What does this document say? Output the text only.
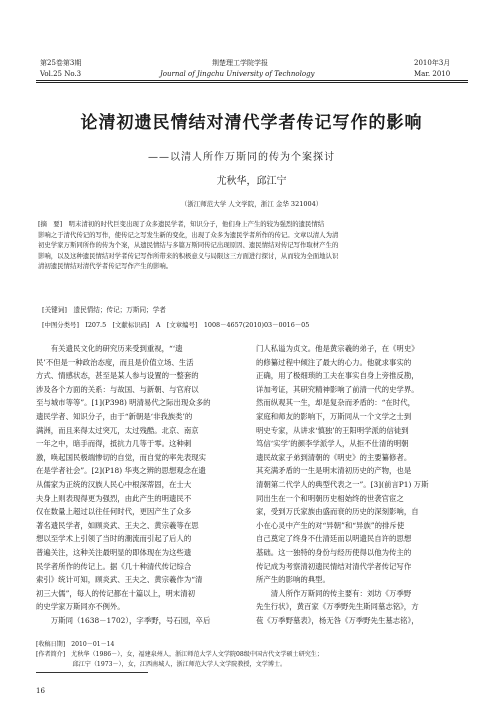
第25卷第3期
Vol.25 No.3
荆楚理工学院学报
Journal of Jingchu University of Technology
2010年3月
Mar. 2010
论清初遗民情结对清代学者传记写作的影响
——以清人所作万斯同的传为个案探讨
尤秋华，邱江宁
（浙江师范大学 人文学院，浙江 金华 321004）
[摘　要]　明末清初的时代巨变出现了众多遗民学者，知识分子，他们身上产生的较为强烈的遗民情结
影响之于清代传记的写作，使传记之写发生新的变化，出现了众多为遗民学者所作的传记。文章以清人为清
初史学家万斯同所作的传为个案，从遗民情结与多篇万斯同传记出现原因、遗民情结对传记写作取材产生的
影响，以及这种遗民情结对学者传记写作所带来的积极意义与局限这三方面进行探讨，从而较为全面地认识
清初遗民情结对清代学者传记写作产生的影响。
[关键词]　遗民情结；传记；万斯同；学者
[中图分类号]　I207.5　[文献标识码]　A　[文章编号]　1008－4657(2010)03－0016－05
　　有关遗民文化的研究历来受到重视，“‘遗
民’不但是一种政治态度，而且是价值立场、生活
方式、情感状态，甚至是某人参与设置的一整套的
涉及各个方面的关系：与故国、与新朝、与官府以
至与城市等等”。[1](P398) 明清易代之际出现众多的
遗民学者、知识分子，由于“新朝是‘非我族类’的
满洲，而且来得太过突兀，太过残酷。北京、南京
一年之中，暗手而得，抵抗力几等于零。这种刺
激，唤起国民极端惨切的自觉，而自觉的率先表现实
在是学者社会”。[2](P18) 华夷之辨的思想观念在遗
从儒家为正统的汉族人民心中根深蒂固，在士大
夫身上则表现得更为强烈，由此产生的明遗民不
仅在数量上超过以往任何时代，更因产生了众多
著名遗民学者，如顾炎武、王夫之、黄宗羲等在思
想以至学术上引领了当时的潮流而引起了后人的
普遍关注，这种关注最明显的即体现在为这些遗
民学者所作的传记上。据《几十种清代传记综合
索引》统计可知，顾炎武、王夫之、黄宗羲作为“清
初三大儒”，每人的传记都在十篇以上，明末清初
的史学家万斯同亦不例外。
　　万斯同（1638－1702），字季野，号石园，卒后
门人私谥为贞文。他是黄宗羲的弟子，在《明史》
的修纂过程中倾注了最大的心力。他就求事实的
正确，用了极细琐的工夫在事实自身上旁推反勘，
详加考证，其研究精神影响了前清一代的史学界。
然而纵观其一生，却是复杂而矛盾的：“在时代，
家庭和师友的影响下，万斯同从一个文学之士到
明史专家，从讲求‘慎独’的王阳明学派的信徒到
笃信‘实学’的颜李学派学人，从拒不仕清的明朝
遗民故家子弟到清朝的《明史》的主要纂修者。
其充满矛盾的一生是明末清初历史的产物，也是
清朝第二代学人的典型代表之一”。[3](前言P1) 万斯
同出生在一个和明朝历史相始终的世袭官宦之
家，受到万氏家族由盛而衰的历史的深刻影响，自
小在心灵中产生的对“异朝”和“异族”的排斥使
自己奠定了终身不仕清廷而以明遗民自许的思想
基础。这一独特的身份与经历使得以他为传主的
传记成为考察清初遗民情结对清代学者传记写作
所产生的影响的典型。
　　清人所作万斯同的传主要有：刘坊《万季野
先生行状》，黄百家《万季野先生斯同墓志铭》，方
苞《万季野墓表》，杨无咎《万季野先生墓志铭》，
[收稿日期]　2010－01－14
[作者简介]　尤秋华（1986－），女，福建泉州人，浙江师范大学人文学院08级中国古代文学硕士研究生；
　　　　　　邱江宁（1973－），女，江西南城人，浙江师范大学人文学院教授，文学博士。
16
